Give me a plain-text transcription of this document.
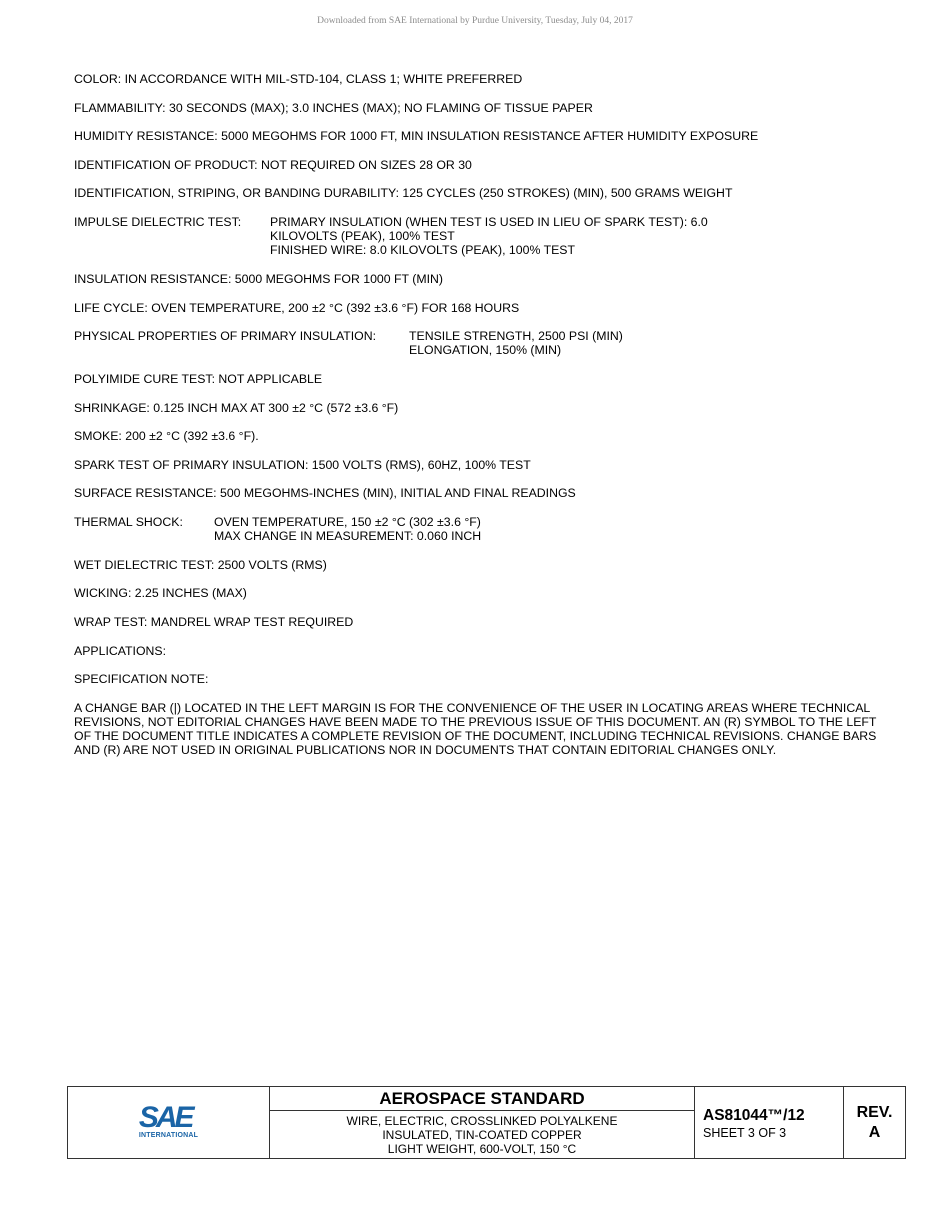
Downloaded from SAE International by Purdue University, Tuesday, July 04, 2017

COLOR: IN ACCORDANCE WITH MIL-STD-104, CLASS 1; WHITE PREFERRED

FLAMMABILITY: 30 SECONDS (MAX); 3.0 INCHES (MAX); NO FLAMING OF TISSUE PAPER

HUMIDITY RESISTANCE: 5000 MEGOHMS FOR 1000 FT, MIN INSULATION RESISTANCE AFTER HUMIDITY EXPOSURE

IDENTIFICATION OF PRODUCT: NOT REQUIRED ON SIZES 28 OR 30

IDENTIFICATION, STRIPING, OR BANDING DURABILITY: 125 CYCLES (250 STROKES) (MIN), 500 GRAMS WEIGHT

IMPULSE DIELECTRIC TEST:	PRIMARY INSULATION (WHEN TEST IS USED IN LIEU OF SPARK TEST): 6.0
KILOVOLTS (PEAK), 100% TEST
FINISHED WIRE: 8.0 KILOVOLTS (PEAK), 100% TEST

INSULATION RESISTANCE: 5000 MEGOHMS FOR 1000 FT (MIN)

LIFE CYCLE: OVEN TEMPERATURE, 200 ±2 °C (392 ±3.6 °F) FOR 168 HOURS

PHYSICAL PROPERTIES OF PRIMARY INSULATION:	TENSILE STRENGTH, 2500 PSI (MIN)
ELONGATION, 150% (MIN)

POLYIMIDE CURE TEST: NOT APPLICABLE

SHRINKAGE: 0.125 INCH MAX AT 300 ±2 °C (572 ±3.6 °F)

SMOKE: 200 ±2 °C (392 ±3.6 °F).

SPARK TEST OF PRIMARY INSULATION: 1500 VOLTS (RMS), 60HZ, 100% TEST

SURFACE RESISTANCE: 500 MEGOHMS-INCHES (MIN), INITIAL AND FINAL READINGS

THERMAL SHOCK:	OVEN TEMPERATURE, 150 ±2 °C (302 ±3.6 °F)
MAX CHANGE IN MEASUREMENT: 0.060 INCH

WET DIELECTRIC TEST: 2500 VOLTS (RMS)

WICKING: 2.25 INCHES (MAX)

WRAP TEST: MANDREL WRAP TEST REQUIRED

APPLICATIONS:

SPECIFICATION NOTE:

A CHANGE BAR (|) LOCATED IN THE LEFT MARGIN IS FOR THE CONVENIENCE OF THE USER IN LOCATING AREAS WHERE TECHNICAL REVISIONS, NOT EDITORIAL CHANGES HAVE BEEN MADE TO THE PREVIOUS ISSUE OF THIS DOCUMENT. AN (R) SYMBOL TO THE LEFT OF THE DOCUMENT TITLE INDICATES A COMPLETE REVISION OF THE DOCUMENT, INCLUDING TECHNICAL REVISIONS. CHANGE BARS AND (R) ARE NOT USED IN ORIGINAL PUBLICATIONS NOR IN DOCUMENTS THAT CONTAIN EDITORIAL CHANGES ONLY.

SAE
INTERNATIONAL

AEROSPACE STANDARD
WIRE, ELECTRIC, CROSSLINKED POLYALKENE
INSULATED, TIN-COATED COPPER
LIGHT WEIGHT, 600-VOLT, 150 °C

AS81044™/12
SHEET 3 OF 3

REV.
A
